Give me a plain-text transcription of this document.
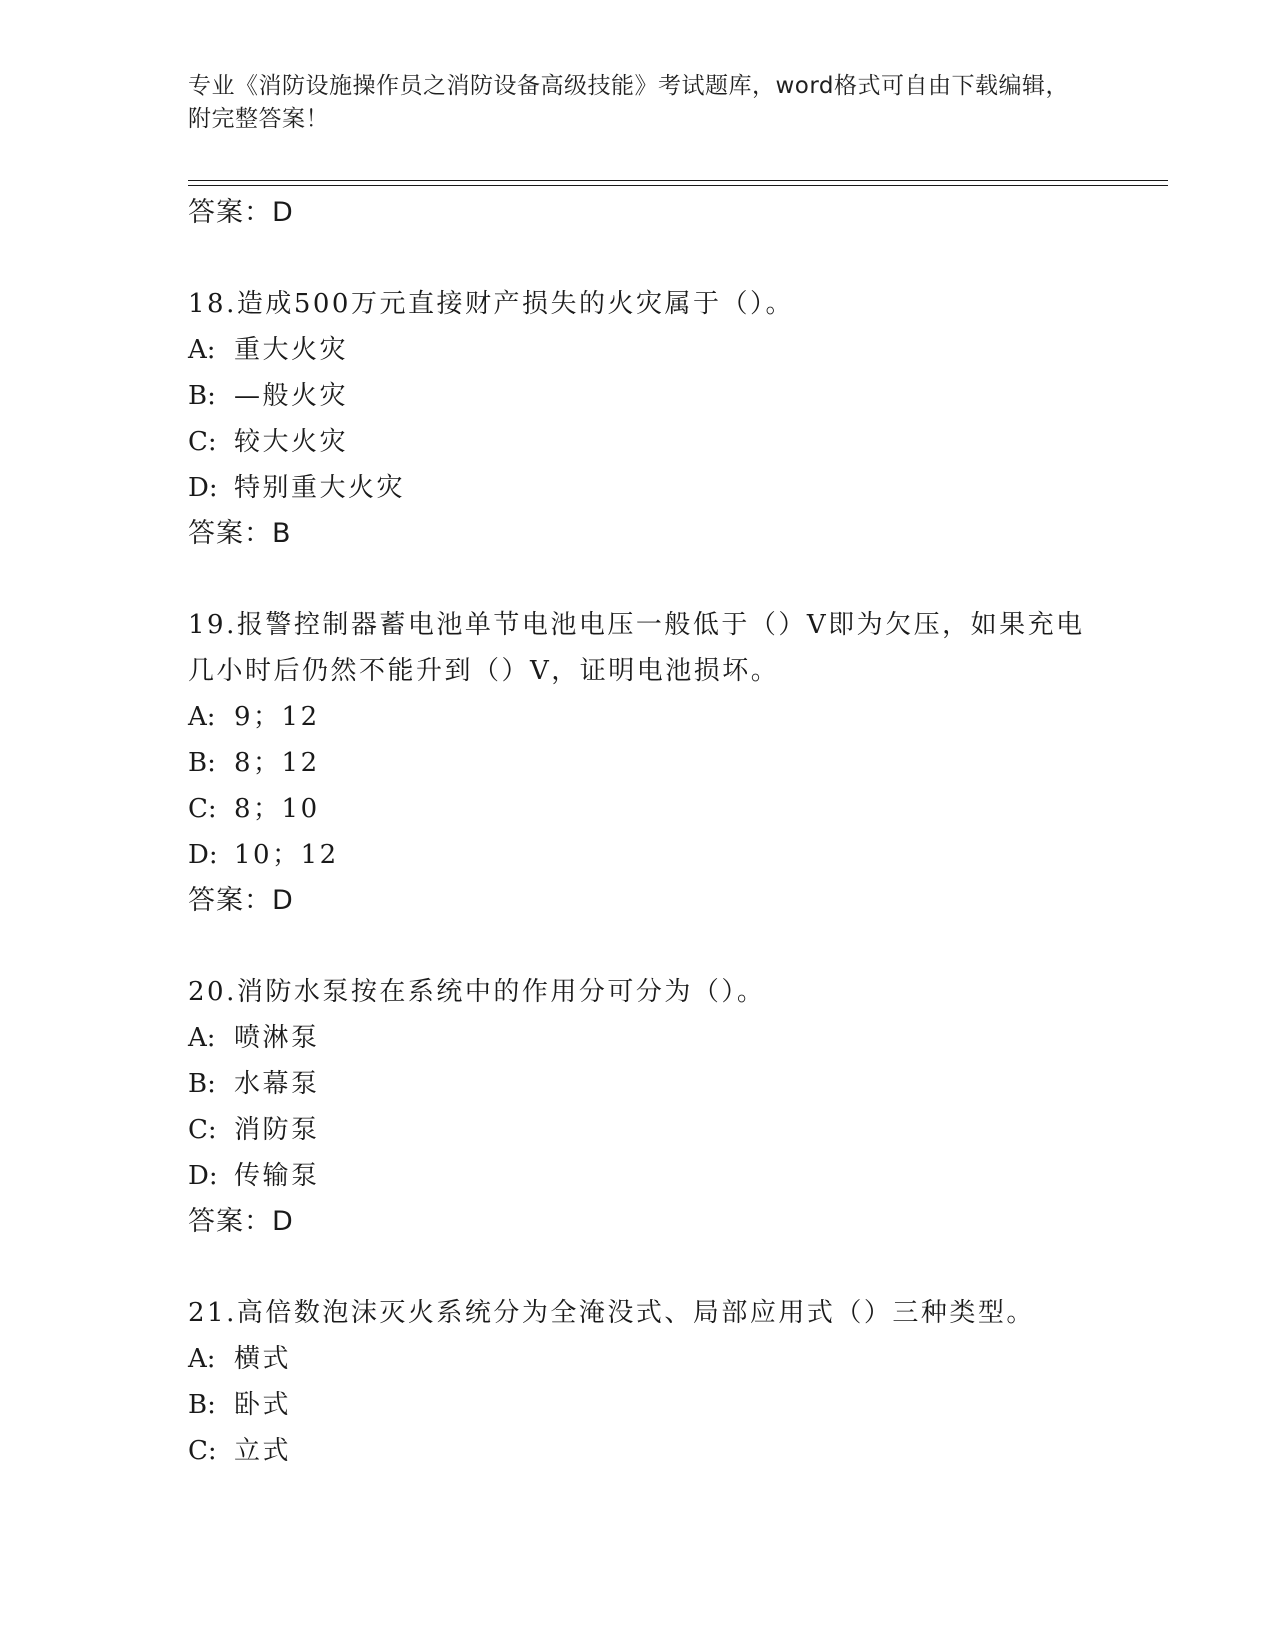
专业《消防设施操作员之消防设备高级技能》考试题库，word格式可自由下载编辑，附完整答案！
答案：D
18.造成500万元直接财产损失的火灾属于（）。
A: 重大火灾
B: —般火灾
C: 较大火灾
D: 特别重大火灾
答案：B
19.报警控制器蓄电池单节电池电压一般低于（）V即为欠压，如果充电几小时后仍然不能升到（）V，证明电池损坏。
A: 9；12
B: 8；12
C: 8；10
D: 10；12
答案：D
20.消防水泵按在系统中的作用分可分为（）。
A: 喷淋泵
B: 水幕泵
C: 消防泵
D: 传输泵
答案：D
21.高倍数泡沫灭火系统分为全淹没式、局部应用式（）三种类型。
A: 横式
B: 卧式
C: 立式
